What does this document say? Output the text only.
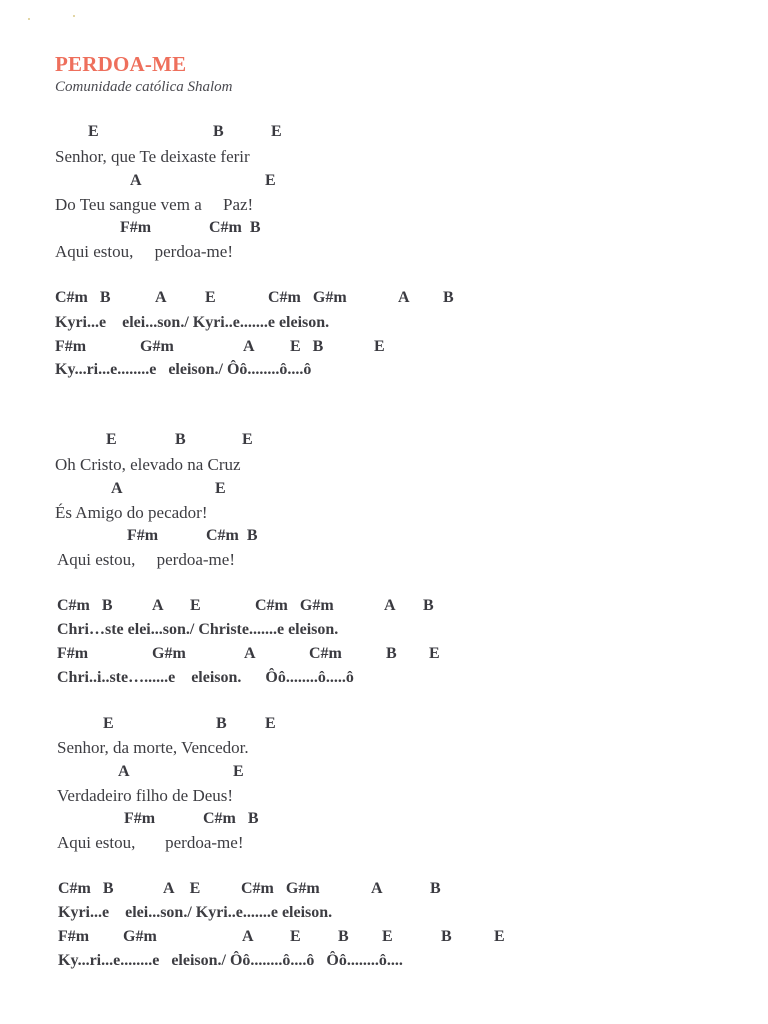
PERDOA-ME
Comunidade católica Shalom
E	B	E
Senhor, que Te deixaste ferir
A	E
Do Teu sangue vem a     Paz!
F#m	C#m  B
Aqui estou,     perdoa-me!
C#m   B	A E	C#m   G#m	A B
Kyri...e    elei...son./ Kyri..e.......e eleison.
F#m	G#m	A E   B	E
Ky...ri...e........e   eleison./ Ôô........ô....ô
E	B	E
Oh Cristo, elevado na Cruz
A	E
És Amigo do pecador!
F#m	C#m  B
Aqui estou,     perdoa-me!
C#m   B A E	C#m   G#m	A B
Chri…ste elei...son./ Christe.......e eleison.
F#m	G#m	A	C#m	B E
Chri..i..ste…......e    eleison.      Ôô........ô.....ô
E	B E
Senhor, da morte, Vencedor.
A	E
Verdadeiro filho de Deus!
F#m	C#m   B
Aqui estou,       perdoa-me!
C#m   B	A    E	C#m   G#m	A	B
Kyri...e    elei...son./ Kyri..e.......e eleison.
F#m G#m	A E B E	B	E
Ky...ri...e........e   eleison./ Ôô........ô....ô   Ôô........ô....
